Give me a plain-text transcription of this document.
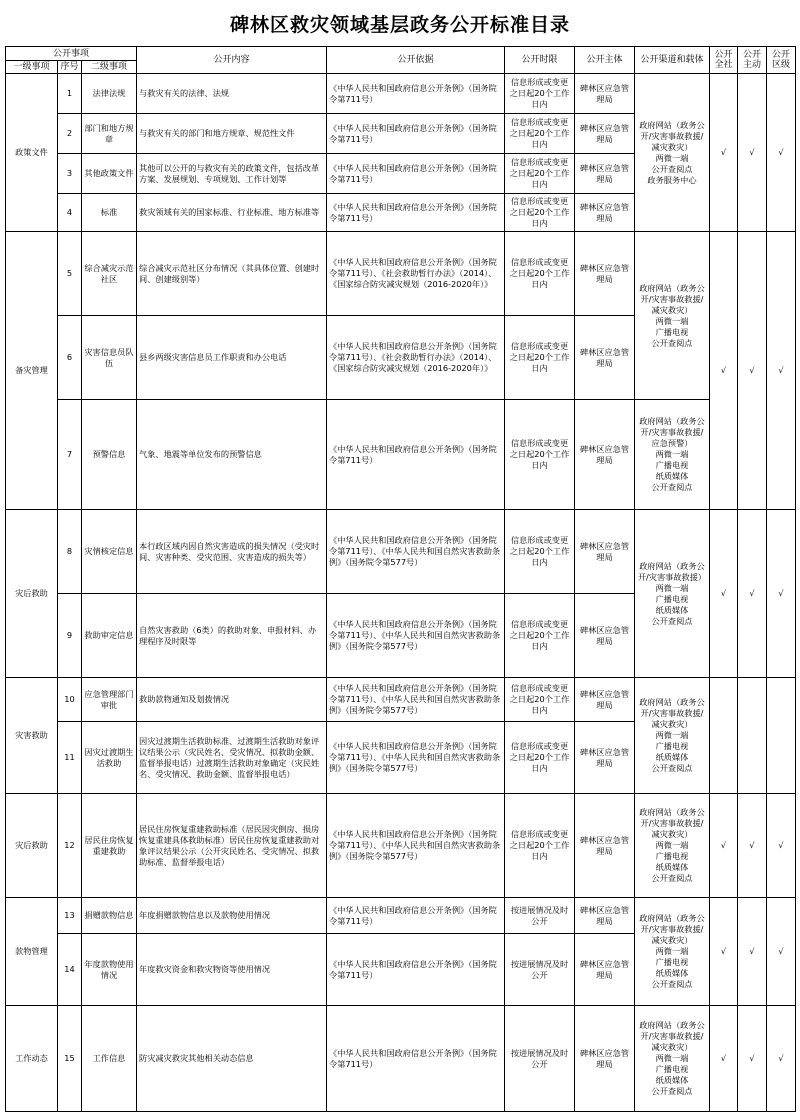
碑林区救灾领域基层政务公开标准目录
公开事项			公开内容	公开依据	公开时限	公开主体	公开渠道和载体	公开全社	公开主动	公开区级
一级事项	序号	二级事项								
政策文件	1	法律法规	与救灾有关的法律、法规	《中华人民共和国政府信息公开条例》（国务院令第711号）	信息形成或变更之日起20个工作日内	碑林区应急管理局	政府网站（政务公开/灾害事故救援/减灾救灾）
两微一端
公开查阅点
政务服务中心	√	√	√
	2	部门和地方规章	与救灾有关的部门和地方规章、规范性文件	《中华人民共和国政府信息公开条例》（国务院令第711号）	信息形成或变更之日起20个工作日内	碑林区应急管理局				
	3	其他政策文件	其他可以公开的与救灾有关的政策文件，包括改革方案、发展规划、专项规划、工作计划等	《中华人民共和国政府信息公开条例》（国务院令第711号）	信息形成或变更之日起20个工作日内	碑林区应急管理局				
	4	标准	救灾领域有关的国家标准、行业标准、地方标准等	《中华人民共和国政府信息公开条例》（国务院令第711号）	信息形成或变更之日起20个工作日内	碑林区应急管理局				
备灾管理	5	综合减灾示范社区	综合减灾示范社区分布情况（其具体位置、创建时间、创建级别等）	《中华人民共和国政府信息公开条例》（国务院令第711号）、《社会救助暂行办法》（2014）、《国家综合防灾减灾规划（2016-2020年）》	信息形成或变更之日起20个工作日内	碑林区应急管理局	政府网站（政务公开/灾害事故救援/减灾救灾）
两微一端
广播电视
公开查阅点	√	√	√
	6	灾害信息员队伍	县乡两级灾害信息员工作职责和办公电话	《中华人民共和国政府信息公开条例》（国务院令第711号）、《社会救助暂行办法》（2014）、《国家综合防灾减灾规划（2016-2020年）》	信息形成或变更之日起20个工作日内	碑林区应急管理局				
	7	预警信息	气象、地震等单位发布的预警信息	《中华人民共和国政府信息公开条例》（国务院令第711号）	信息形成或变更之日起20个工作日内	碑林区应急管理局	政府网站（政务公开/灾害事故救援/应急预警）
两微一端
广播电视
纸质媒体
公开查阅点			
灾后救助	8	灾情核定信息	本行政区域内因自然灾害造成的损失情况（受灾时间、灾害种类、受灾范围、灾害造成的损失等）	《中华人民共和国政府信息公开条例》（国务院令第711号）、《中华人民共和国自然灾害救助条例》（国务院令第577号）	信息形成或变更之日起20个工作日内	碑林区应急管理局	政府网站（政务公开/灾害事故救援）
两微一端
广播电视
纸质媒体
公开查阅点	√	√	√
	9	救助审定信息	自然灾害救助（6类）的救助对象、申报材料、办理程序及时限等	《中华人民共和国政府信息公开条例》（国务院令第711号）、《中华人民共和国自然灾害救助条例》（国务院令第577号）	信息形成或变更之日起20个工作日内	碑林区应急管理局				
灾害救助	10	应急管理部门审批	救助款物通知及划拨情况	《中华人民共和国政府信息公开条例》（国务院令第711号）、《中华人民共和国自然灾害救助条例》（国务院令第577号）	信息形成或变更之日起20个工作日内	碑林区应急管理局	政府网站（政务公开/灾害事故救援/减灾救灾）
两微一端
广播电视
纸质媒体
公开查阅点			
	11	因灾过渡期生活救助	因灾过渡期生活救助标准、过渡期生活救助对象评议结果公示（灾民姓名、受灾情况、拟救助金额、监督举报电话）过渡期生活救助对象确定（灾民姓名、受灾情况、救助金额、监督举报电话）	《中华人民共和国政府信息公开条例》（国务院令第711号）、《中华人民共和国自然灾害救助条例》（国务院令第577号）	信息形成或变更之日起20个工作日内	碑林区应急管理局				
灾后救助	12	居民住房恢复重建救助	居民住房恢复重建救助标准（居民因灾倒房、损房恢复重建具体救助标准）居民住房恢复重建救助对象评议结果公示（公开灾民姓名、受灾情况、拟救助标准、监督举报电话）	《中华人民共和国政府信息公开条例》（国务院令第711号）、《中华人民共和国自然灾害救助条例》（国务院令第577号）	信息形成或变更之日起20个工作日内	碑林区应急管理局	政府网站（政务公开/灾害事故救援/减灾救灾）
两微一端
广播电视
纸质媒体
公开查阅点	√	√	√
款物管理	13	捐赠款物信息	年度捐赠款物信息以及款物使用情况	《中华人民共和国政府信息公开条例》（国务院令第711号）	按进展情况及时公开	碑林区应急管理局	政府网站（政务公开/灾害事故救援/减灾救灾）
两微一端
广播电视
纸质媒体
公开查阅点	√	√	√
	14	年度款物使用情况	年度救灾资金和救灾物资等使用情况	《中华人民共和国政府信息公开条例》（国务院令第711号）	按进展情况及时公开	碑林区应急管理局				
工作动态	15	工作信息	防灾减灾救灾其他相关动态信息	《中华人民共和国政府信息公开条例》（国务院令第711号）	按进展情况及时公开	碑林区应急管理局	政府网站（政务公开/灾害事故救援/减灾救灾）
两微一端
广播电视
纸质媒体
公开查阅点	√	√	√
